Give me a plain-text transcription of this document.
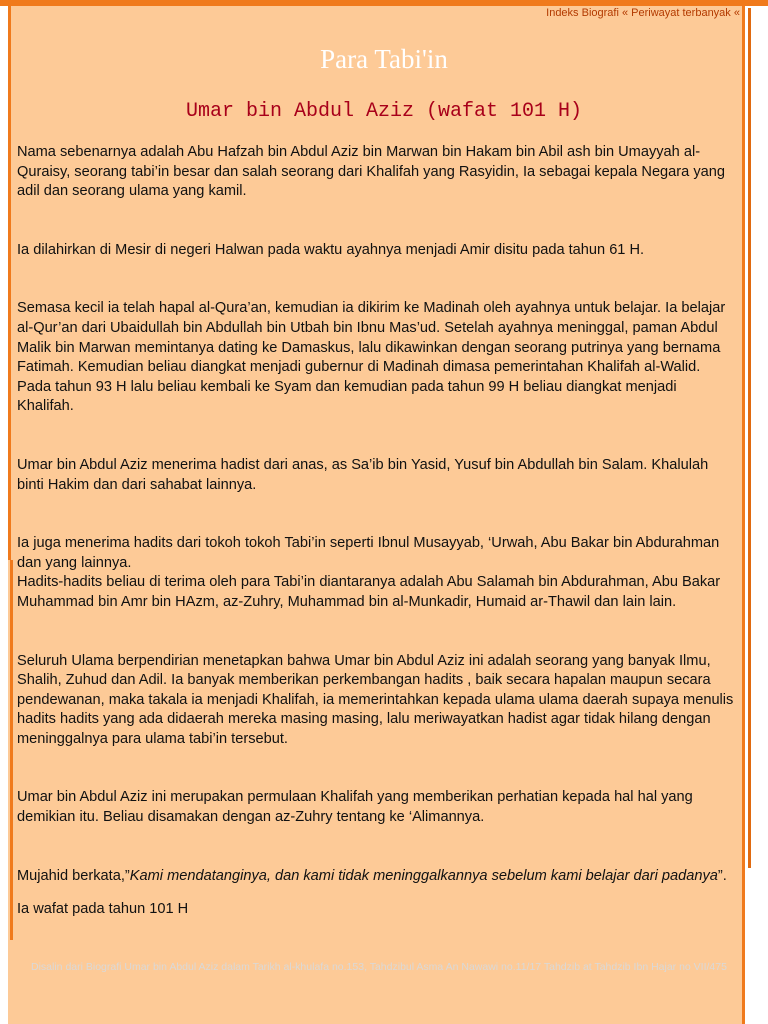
Indeks Biografi « Periwayat terbanyak «
Para Tabi'in
Umar bin Abdul Aziz (wafat 101 H)

Nama sebenarnya adalah Abu Hafzah bin Abdul Aziz bin Marwan bin Hakam bin Abil ash bin Umayyah al-Quraisy, seorang tabi’in besar dan salah seorang dari Khalifah yang Rasyidin, Ia sebagai kepala Negara yang adil dan seorang ulama yang kamil.

Ia dilahirkan di Mesir di negeri Halwan pada waktu ayahnya menjadi Amir disitu pada tahun 61 H.

Semasa kecil ia telah hapal al-Qura’an, kemudian ia dikirim ke Madinah oleh ayahnya untuk belajar. Ia belajar al-Qur’an dari Ubaidullah bin Abdullah bin Utbah bin Ibnu Mas’ud. Setelah ayahnya meninggal, paman Abdul Malik bin Marwan memintanya dating ke Damaskus, lalu dikawinkan dengan seorang putrinya yang bernama Fatimah. Kemudian beliau diangkat menjadi gubernur di Madinah dimasa pemerintahan Khalifah al-Walid. Pada tahun 93 H lalu beliau kembali ke Syam dan kemudian pada tahun 99 H beliau diangkat menjadi Khalifah.

Umar bin Abdul Aziz menerima hadist dari anas, as Sa’ib bin Yasid, Yusuf bin Abdullah bin Salam. Khalulah binti Hakim dan dari sahabat lainnya.

Ia juga menerima hadits dari tokoh tokoh Tabi’in seperti Ibnul Musayyab, ‘Urwah, Abu Bakar bin Abdurahman dan yang lainnya.

Hadits-hadits beliau di terima oleh para Tabi’in diantaranya adalah Abu Salamah bin Abdurahman, Abu Bakar Muhammad bin Amr bin HAzm, az-Zuhry, Muhammad bin al-Munkadir, Humaid ar-Thawil dan lain lain.

Seluruh Ulama berpendirian menetapkan bahwa Umar bin Abdul Aziz ini adalah seorang yang banyak Ilmu, Shalih, Zuhud dan Adil. Ia banyak memberikan perkembangan hadits , baik secara hapalan maupun secara pendewanan, maka takala ia menjadi Khalifah, ia memerintahkan kepada ulama ulama daerah supaya menulis hadits hadits yang ada didaerah mereka masing masing, lalu meriwayatkan hadist agar tidak hilang dengan meninggalnya para ulama tabi’in tersebut.

Umar bin Abdul Aziz ini merupakan permulaan Khalifah yang memberikan perhatian kepada hal hal yang demikian itu. Beliau disamakan dengan az-Zuhry tentang ke ‘Alimannya.

Mujahid berkata,”Kami mendatanginya, dan kami tidak meninggalkannya sebelum kami belajar dari padanya”.

Ia wafat pada tahun 101 H

Disalin dari Biografi Umar bin Abdul Aziz dalam Tarikh al-khulafa no.153, Tahdzibul Asma An Nawawi no.11/17 Tahdzib at Tahdzib Ibn Hajar no VII/475
